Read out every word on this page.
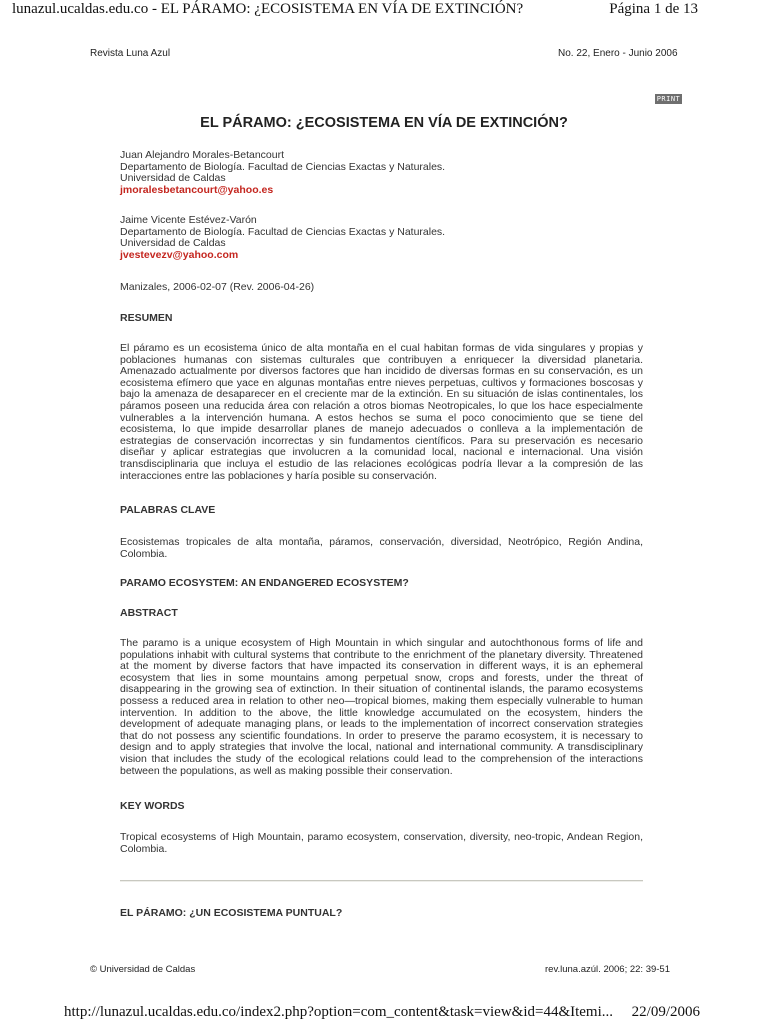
lunazul.ucaldas.edu.co - EL PÁRAMO: ¿ECOSISTEMA EN VÍA DE EXTINCIÓN?	Página 1 de 13
Revista Luna Azul	No. 22, Enero - Junio 2006
PRINT
EL PÁRAMO: ¿ECOSISTEMA EN VÍA DE EXTINCIÓN?
Juan Alejandro Morales-Betancourt
Departamento de Biología. Facultad de Ciencias Exactas y Naturales.
Universidad de Caldas
jmoralesbetancourt@yahoo.es
Jaime Vicente Estévez-Varón
Departamento de Biología. Facultad de Ciencias Exactas y Naturales.
Universidad de Caldas
jvestevezv@yahoo.com
Manizales, 2006-02-07 (Rev. 2006-04-26)
RESUMEN
El páramo es un ecosistema único de alta montaña en el cual habitan formas de vida singulares y propias y poblaciones humanas con sistemas culturales que contribuyen a enriquecer la diversidad planetaria. Amenazado actualmente por diversos factores que han incidido de diversas formas en su conservación, es un ecosistema efímero que yace en algunas montañas entre nieves perpetuas, cultivos y formaciones boscosas y bajo la amenaza de desaparecer en el creciente mar de la extinción. En su situación de islas continentales, los páramos poseen una reducida área con relación a otros biomas Neotropicales, lo que los hace especialmente vulnerables a la intervención humana. A estos hechos se suma el poco conocimiento que se tiene del ecosistema, lo que impide desarrollar planes de manejo adecuados o conlleva a la implementación de estrategias de conservación incorrectas y sin fundamentos científicos. Para su preservación es necesario diseñar y aplicar estrategias que involucren a la comunidad local, nacional e internacional. Una visión transdisciplinaria que incluya el estudio de las relaciones ecológicas podría llevar a la compresión de las interacciones entre las poblaciones y haría posible su conservación.
PALABRAS CLAVE
Ecosistemas tropicales de alta montaña, páramos, conservación, diversidad, Neotrópico, Región Andina, Colombia.
PARAMO ECOSYSTEM: AN ENDANGERED ECOSYSTEM?
ABSTRACT
The paramo is a unique ecosystem of High Mountain in which singular and autochthonous forms of life and populations inhabit with cultural systems that contribute to the enrichment of the planetary diversity. Threatened at the moment by diverse factors that have impacted its conservation in different ways, it is an ephemeral ecosystem that lies in some mountains among perpetual snow, crops and forests, under the threat of disappearing in the growing sea of extinction. In their situation of continental islands, the paramo ecosystems possess a reduced area in relation to other neo—tropical biomes, making them especially vulnerable to human intervention. In addition to the above, the little knowledge accumulated on the ecosystem, hinders the development of adequate managing plans, or leads to the implementation of incorrect conservation strategies that do not possess any scientific foundations. In order to preserve the paramo ecosystem, it is necessary to design and to apply strategies that involve the local, national and international community. A transdisciplinary vision that includes the study of the ecological relations could lead to the comprehension of the interactions between the populations, as well as making possible their conservation.
KEY WORDS
Tropical ecosystems of High Mountain, paramo ecosystem, conservation, diversity, neo-tropic, Andean Region, Colombia.
EL PÁRAMO: ¿UN ECOSISTEMA PUNTUAL?
© Universidad de Caldas	rev.luna.azúl. 2006; 22: 39-51
http://lunazul.ucaldas.edu.co/index2.php?option=com_content&task=view&id=44&Itemi... 22/09/2006
